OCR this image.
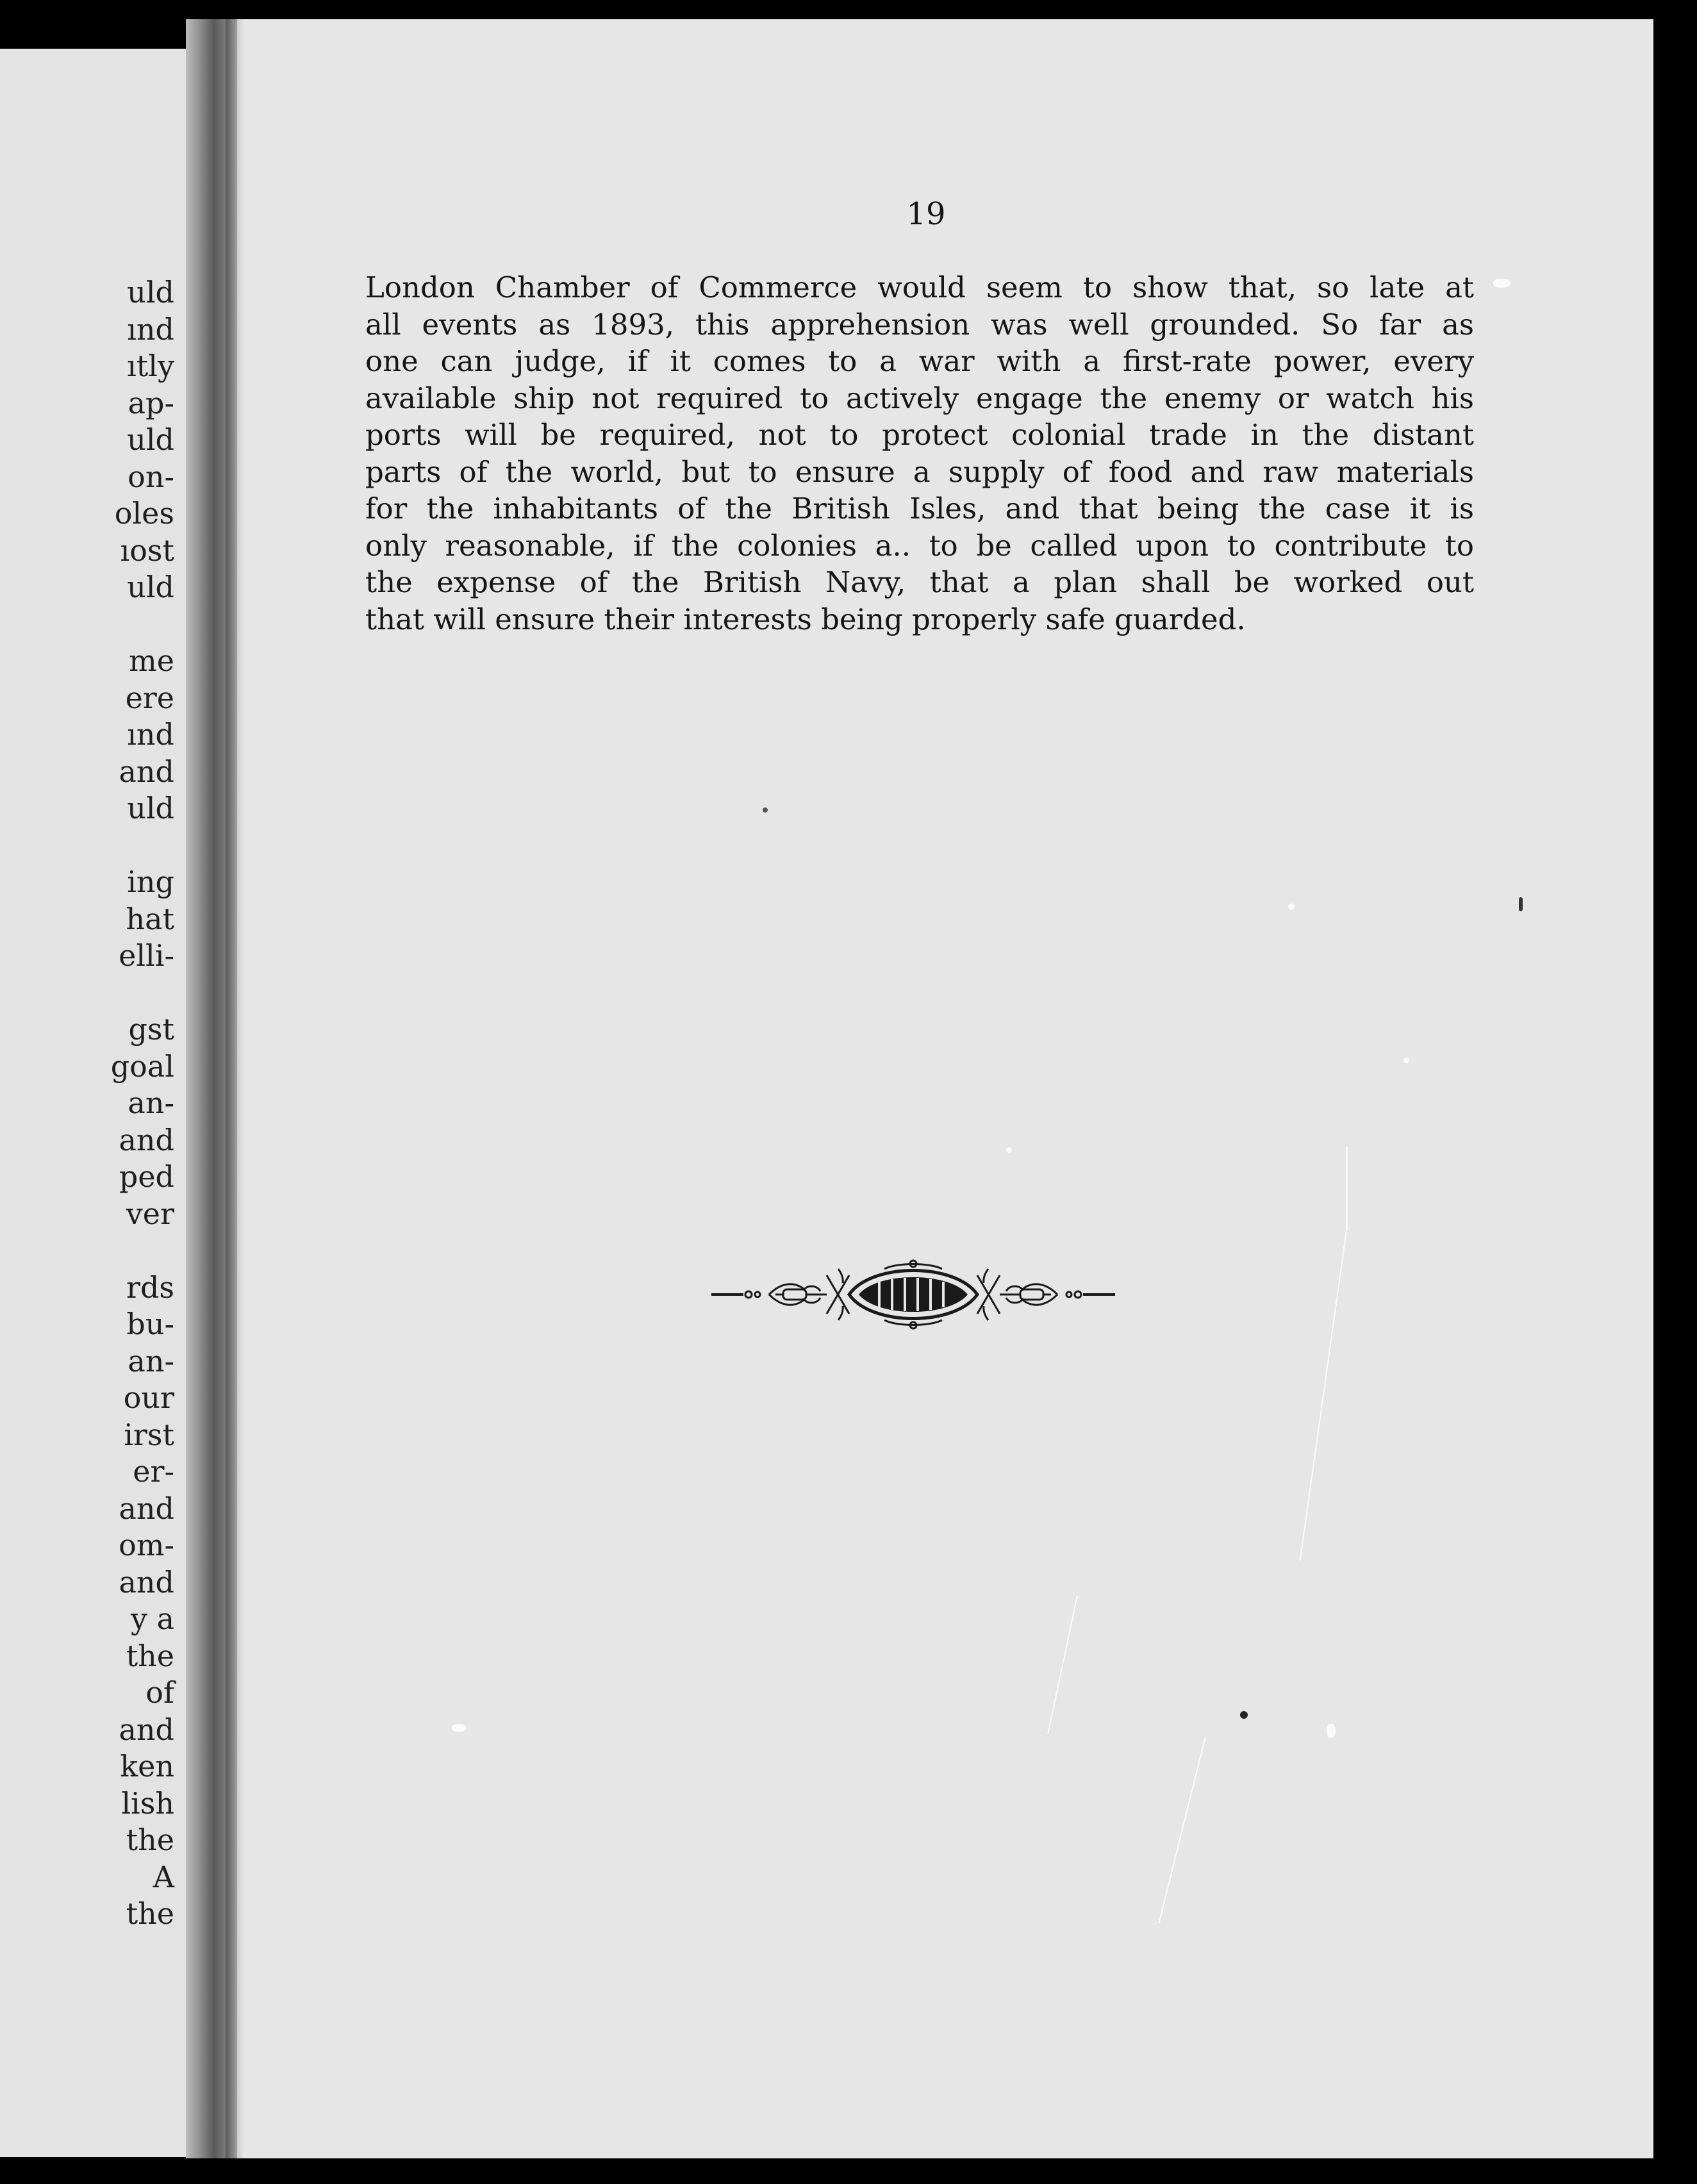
uld
ınd
ıtly
ap-
uld
on-
oles
ıost
uld
me
ere
ınd
and
uld
ing
hat
elli-
gst
goal
an-
and
ped
ver
rds
bu-
an-
our
irst
er-
and
om-
and
y a
the
of
and
ken
lish
the
A
the
19
London Chamber of Commerce would seem to show that, so late at
all events as 1893, this apprehension was well grounded. So far as
one can judge, if it comes to a war with a first-rate power, every
available ship not required to actively engage the enemy or watch his
ports will be required, not to protect colonial trade in the distant
parts of the world, but to ensure a supply of food and raw materials
for the inhabitants of the British Isles, and that being the case it is
only reasonable, if the colonies a.. to be called upon to contribute to
the expense of the British Navy, that a plan shall be worked out
that will ensure their interests being properly safe guarded.
